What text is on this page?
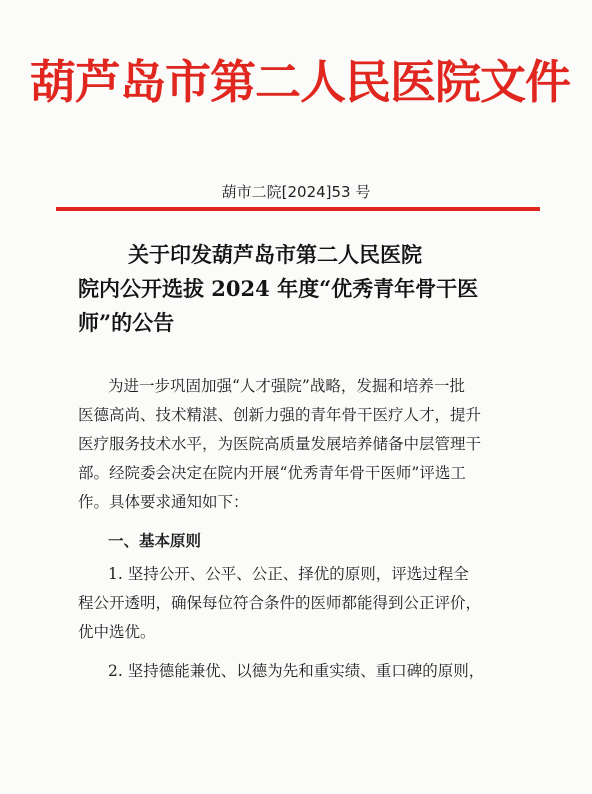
葫芦岛市第二人民医院文件
葫市二院[2024]53 号
关于印发葫芦岛市第二人民医院
院内公开选拔 2024 年度“优秀青年骨干医
师”的公告

为进一步巩固加强“人才强院”战略，发掘和培养一批
医德高尚、技术精湛、创新力强的青年骨干医疗人才，提升
医疗服务技术水平，为医院高质量发展培养储备中层管理干
部。经院委会决定在院内开展“优秀青年骨干医师”评选工
作。具体要求通知如下：

一、基本原则

1. 坚持公开、公平、公正、择优的原则，评选过程全
程公开透明，确保每位符合条件的医师都能得到公正评价，
优中选优。

2. 坚持德能兼优、以德为先和重实绩、重口碑的原则，
